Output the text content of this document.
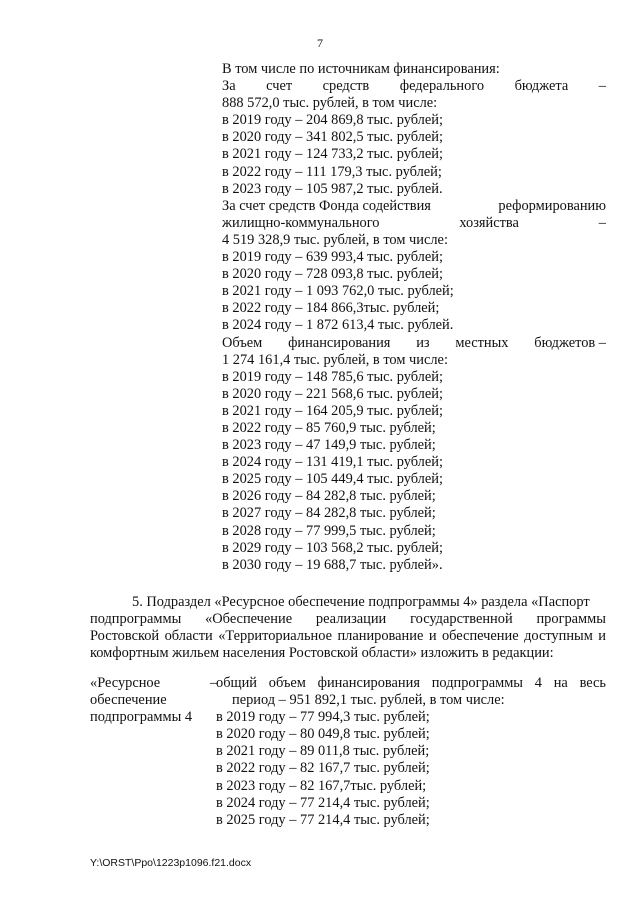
7
В том числе по источникам финансирования:
За счет средств федерального бюджета –
888 572,0 тыс. рублей, в том числе:
в 2019 году – 204 869,8 тыс. рублей;
в 2020 году – 341 802,5 тыс. рублей;
в 2021 году – 124 733,2 тыс. рублей;
в 2022 году – 111 179,3 тыс. рублей;
в 2023 году – 105 987,2 тыс. рублей.
За счет средств Фонда содействия	реформированию
жилищно-коммунального	хозяйства	–
4 519 328,9 тыс. рублей, в том числе:
в 2019 году – 639 993,4 тыс. рублей;
в 2020 году – 728 093,8 тыс. рублей;
в 2021 году – 1 093 762,0 тыс. рублей;
в 2022 году – 184 866,3тыс. рублей;
в 2024 году – 1 872 613,4 тыс. рублей.
Объем финансирования из местных бюджетов –
1 274 161,4 тыс. рублей, в том числе:
в 2019 году – 148 785,6 тыс. рублей;
в 2020 году – 221 568,6 тыс. рублей;
в 2021 году – 164 205,9 тыс. рублей;
в 2022 году – 85 760,9 тыс. рублей;
в 2023 году – 47 149,9 тыс. рублей;
в 2024 году – 131 419,1 тыс. рублей;
в 2025 году – 105 449,4 тыс. рублей;
в 2026 году – 84 282,8 тыс. рублей;
в 2027 году – 84 282,8 тыс. рублей;
в 2028 году – 77 999,5 тыс. рублей;
в 2029 году – 103 568,2 тыс. рублей;
в 2030 году – 19 688,7 тыс. рублей».
5. Подраздел «Ресурсное обеспечение подпрограммы 4» раздела «Паспорт
подпрограммы «Обеспечение реализации государственной программы
Ростовской области «Территориальное планирование и обеспечение доступным и
комфортным жильем населения Ростовской области» изложить в редакции:
«Ресурсное
обеспечение
подпрограммы 4
–
общий объем финансирования подпрограммы 4 на весь
период – 951 892,1 тыс. рублей, в том числе:
в 2019 году – 77 994,3 тыс. рублей;
в 2020 году – 80 049,8 тыс. рублей;
в 2021 году – 89 011,8 тыс. рублей;
в 2022 году – 82 167,7 тыс. рублей;
в 2023 году – 82 167,7тыс. рублей;
в 2024 году – 77 214,4 тыс. рублей;
в 2025 году – 77 214,4 тыс. рублей;
Y:\ORST\Ppo\1223p1096.f21.docx
